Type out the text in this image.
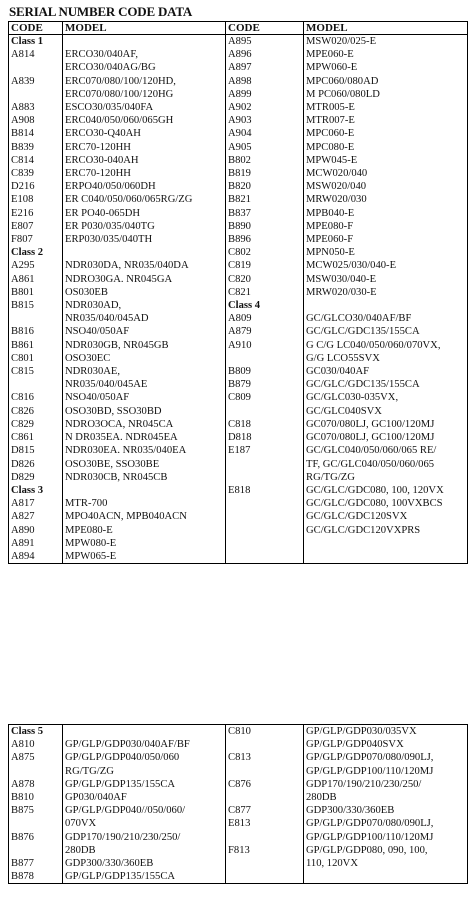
SERIAL NUMBER CODE DATA
CODE	MODEL	CODE	MODEL
Class 1		A895	MSW020/025-E
A814	ERCO30/040AF,	A896	MPE060-E
	ERCO30/040AG/BG	A897	MPW060-E
A839	ERC070/080/100/120HD,	A898	MPC060/080AD
	ERC070/080/100/120HG	A899	M PC060/080LD
A883	ESCO30/035/040FA	A902	MTR005-E
A908	ERC040/050/060/065GH	A903	MTR007-E
B814	ERCO30-Q40AH	A904	MPC060-E
B839	ERC70-120HH	A905	MPC080-E
C814	ERCO30-040AH	B802	MPW045-E
C839	ERC70-120HH	B819	MCW020/040
D216	ERPO40/050/060DH	B820	MSW020/040
E108	ER C040/050/060/065RG/ZG	B821	MRW020/030
E216	ER PO40-065DH	B837	MPB040-E
E807	ER P030/035/040TG	B890	MPE080-F
F807	ERP030/035/040TH	B896	MPE060-F
Class 2		C802	MPN050-E
A295	NDR030DA, NR035/040DA	C819	MCW025/030/040-E
A861	NDRO30GA. NR045GA	C820	MSW030/040-E
B801	OS030EB	C821	MRW020/030-E
B815	NDR030AD,	Class 4	
	NR035/040/045AD	A809	GC/GLCO30/040AF/BF
B816	NSO40/050AF	A879	GC/GLC/GDC135/155CA
B861	NDR030GB, NR045GB	A910	G C/G LC040/050/060/070VX,
C801	OSO30EC		G/G LCO55SVX
C815	NDR030AE,	B809	GC030/040AF
	NR035/040/045AE	B879	GC/GLC/GDC135/155CA
C816	NSO40/050AF	C809	GC/GLC030-035VX,
C826	OSO30BD, SSO30BD		GC/GLC040SVX
C829	NDRO3OCA, NR045CA	C818	GC070/080LJ, GC100/120MJ
C861	N DR035EA. NDR045EA	D818	GC070/080LJ, GC100/120MJ
D815	NDR030EA. NR035/040EA	E187	GC/GLC040/050/060/065 RE/
D826	OSO30BE, SSO30BE		TF, GC/GLC040/050/060/065
D829	NDR030CB, NR045CB		RG/TG/ZG
Class 3		E818	GC/GLC/GDC080, 100, 120VX
A817	MTR-700		GC/GLC/GDC080, 100VXBCS
A827	MPO40ACN, MPB040ACN		GC/GLC/GDC120SVX
A890	MPE080-E		GC/GLC/GDC120VXPRS
A891	MPW080-E		
A894	MPW065-E		
Class 5		C810	GP/GLP/GDP030/035VX
A810	GP/GLP/GDP030/040AF/BF		GP/GLP/GDP040SVX
A875	GP/GLP/GDP040/050/060	C813	GP/GLP/GDP070/080/090LJ,
	RG/TG/ZG		GP/GLP/GDP100/110/120MJ
A878	GP/GLP/GDP135/155CA	C876	GDP170/190/210/230/250/
B810	GP030/040AF		280DB
B875	GP/GLP/GDP040//050/060/	C877	GDP300/330/360EB
	070VX	E813	GP/GLP/GDP070/080/090LJ,
B876	GDP170/190/210/230/250/		GP/GLP/GDP100/110/120MJ
	280DB	F813	GP/GLP/GDP080, 090, 100,
B877	GDP300/330/360EB		110, 120VX
B878	GP/GLP/GDP135/155CA		
